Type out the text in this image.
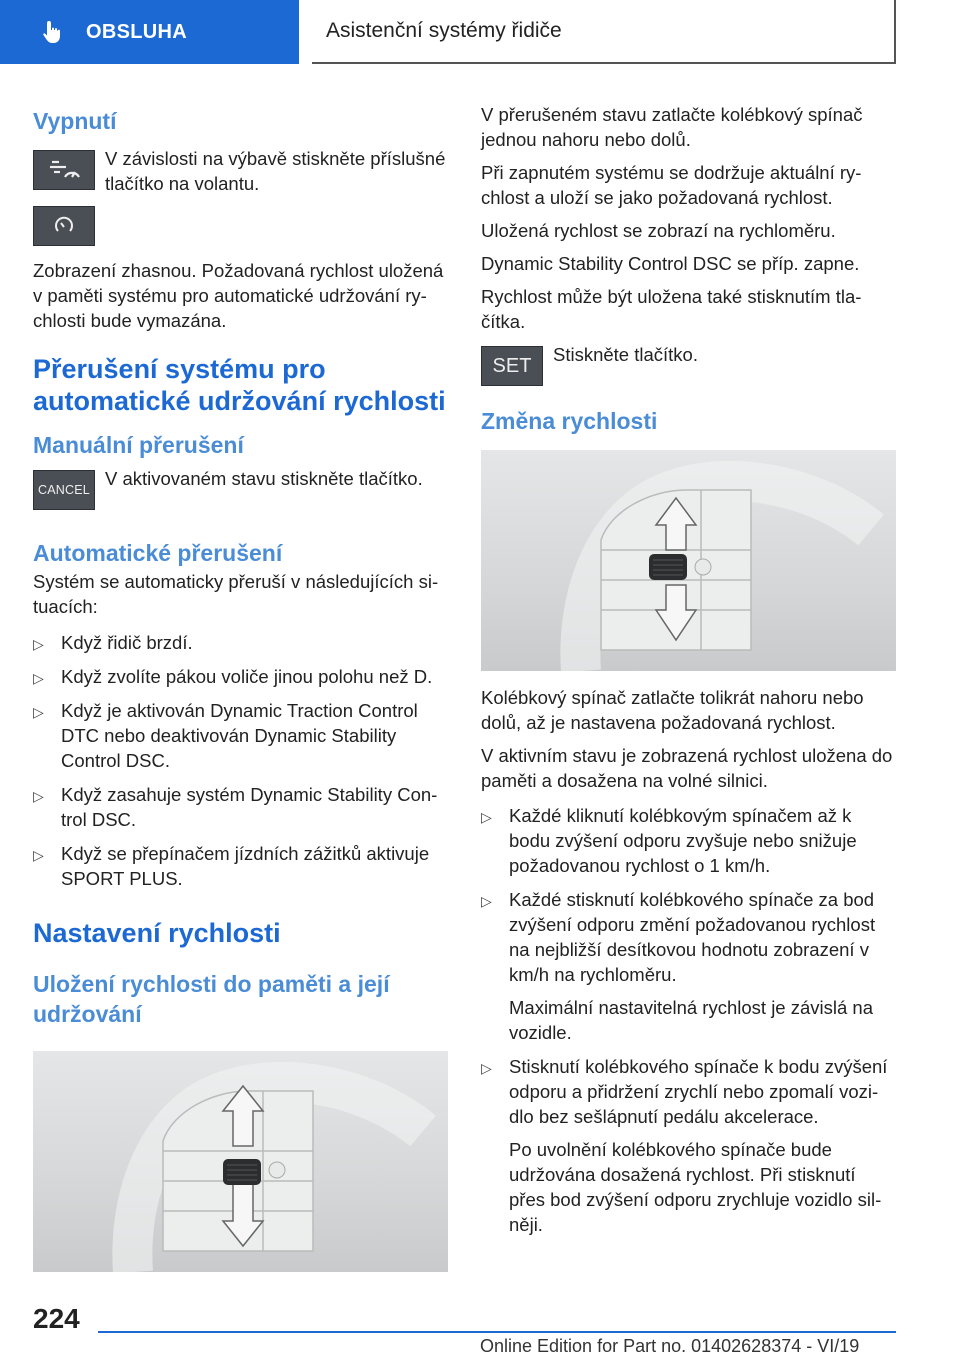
OBSLUHA	Asistenční systémy řidiče
Vypnutí

V závislosti na výbavě stiskněte příslušné tlačítko na volantu.

Zobrazení zhasnou. Požadovaná rychlost uložená v paměti systému pro automatické udržování rychlosti bude vymazána.

Přerušení systému pro automatické udržování rychlosti
Manuální přerušení
CANCEL

V aktivovaném stavu stiskněte tlačítko.

Automatické přerušení

Systém se automaticky přeruší v následujících situacích:

▷ Když řidič brzdí.
▷ Když zvolíte pákou voliče jinou polohu než D.
▷ Když je aktivován Dynamic Traction Control DTC nebo deaktivován Dynamic Stability Control DSC.
▷ Když zasahuje systém Dynamic Stability Control DSC.
▷ Když se přepínačem jízdních zážitků aktivuje SPORT PLUS.
Nastavení rychlosti
Uložení rychlosti do paměti a její udržování

V přerušeném stavu zatlačte kolébkový spínač jednou nahoru nebo dolů.

Při zapnutém systému se dodržuje aktuální rychlost a uloží se jako požadovaná rychlost.

Uložená rychlost se zobrazí na rychloměru.

Dynamic Stability Control DSC se příp. zapne.

Rychlost může být uložena také stisknutím tlačítka.

SET Stiskněte tlačítko.

Změna rychlosti

Kolébkový spínač zatlačte tolikrát nahoru nebo dolů, až je nastavena požadovaná rychlost.

V aktivním stavu je zobrazená rychlost uložena do paměti a dosažena na volné silnici.

▷ Každé kliknutí kolébkovým spínačem až k bodu zvýšení odporu zvyšuje nebo snižuje požadovanou rychlost o 1 km/h.
▷ Každé stisknutí kolébkového spínače za bod zvýšení odporu změní požadovanou rychlost na nejbližší desítkovou hodnotu zobrazení v km/h na rychloměru.

Maximální nastavitelná rychlost je závislá na vozidle.

▷ Stisknutí kolébkového spínače k bodu zvýšení odporu a přidržení zrychlí nebo zpomalí vozidlo bez sešlápnutí pedálu akcelerace.

Po uvolnění kolébkového spínače bude udržována dosažená rychlost. Při stisknutí přes bod zvýšení odporu zrychluje vozidlo silněji.

224
Online Edition for Part no. 01402628374 - VI/19
